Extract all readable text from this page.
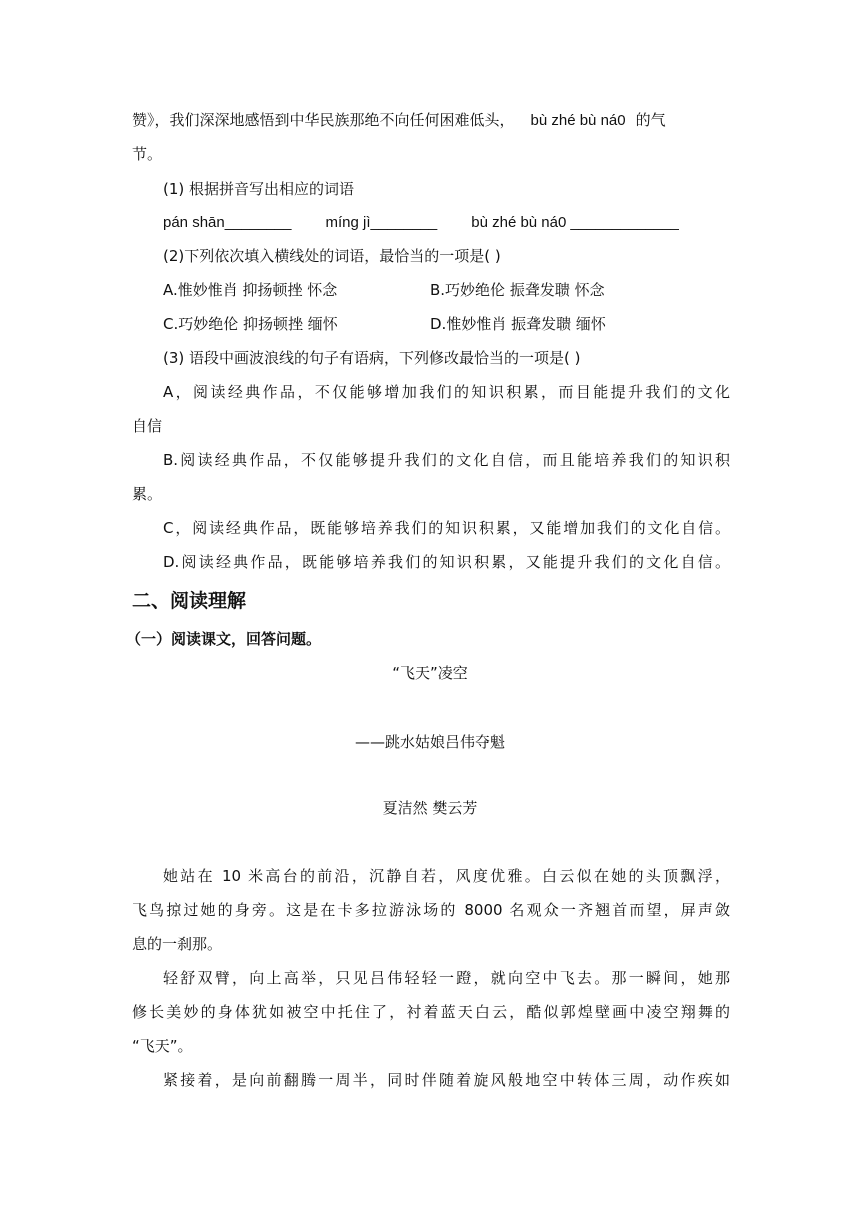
赞》，我们深深地感悟到中华民族那绝不向任何困难低头， bù zhé bù ná0 的气
节。
(1) 根据拼音写出相应的词语
pán shān________ míng jì________ bù zhé bù ná0 _____________
(2)下列依次填入横线处的词语，最恰当的一项是( )
A.惟妙惟肖 抑扬顿挫 怀念	B.巧妙绝伦 振聋发聩 怀念
C.巧妙绝伦 抑扬顿挫 缅怀	D.惟妙惟肖 振聋发聩 缅怀
(3) 语段中画波浪线的句子有语病，下列修改最恰当的一项是( )
A，阅读经典作品，不仅能够增加我们的知识积累，而目能提升我们的文化
自信
B.阅读经典作品，不仅能够提升我们的文化自信，而且能培养我们的知识积
累。
C，阅读经典作品，既能够培养我们的知识积累，又能增加我们的文化自信。
D.阅读经典作品，既能够培养我们的知识积累，又能提升我们的文化自信。
二、阅读理解
（一）阅读课文，回答问题。
“飞天”凌空
——跳水姑娘吕伟夺魁
夏洁然 樊云芳
她站在 10 米高台的前沿，沉静自若，风度优雅。白云似在她的头顶飘浮，
飞鸟掠过她的身旁。这是在卡多拉游泳场的 8000 名观众一齐翘首而望，屏声敛
息的一刹那。
轻舒双臂，向上高举，只见吕伟轻轻一蹬，就向空中飞去。那一瞬间，她那
修长美妙的身体犹如被空中托住了，衬着蓝天白云，酷似郭煌壁画中凌空翔舞的
“飞天”。
紧接着，是向前翻腾一周半，同时伴随着旋风般地空中转体三周，动作疾如
